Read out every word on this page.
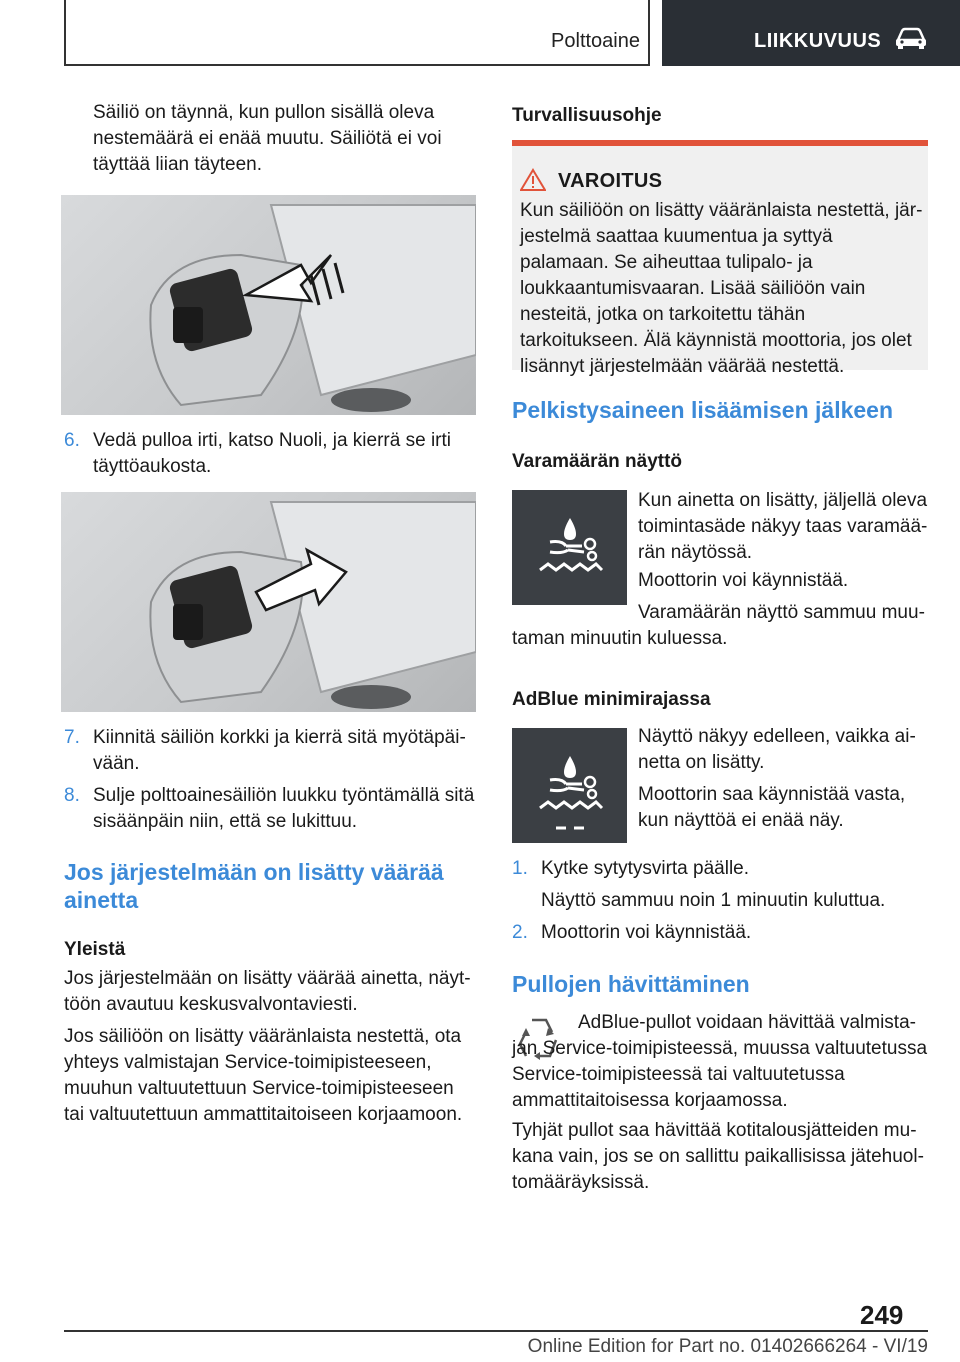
Polttoaine	LIIKKUVUUS

Säiliö on täynnä, kun pullon sisällä oleva nestemäärä ei enää muutu. Säiliötä ei voi täyttää liian täyteen.

6. Vedä pulloa irti, katso Nuoli, ja kierrä se irti täyttöaukosta.
7. Kiinnitä säiliön korkki ja kierrä sitä myötäpäivään.
8. Sulje polttoainesäiliön luukku työntämällä sitä sisäänpäin niin, että se lukittuu.
Jos järjestelmään on lisätty väärää ainetta
Yleistä

Jos järjestelmään on lisätty väärää ainetta, näyttöön avautuu keskusvalvontaviesti.

Jos säiliöön on lisätty vääränlaista nestettä, ota yhteys valmistajan Service-toimipisteeseen, muuhun valtuutettuun Service-toimipisteeseen tai valtuutettuun ammattitaitoiseen korjaamoon.

Turvallisuusohje
VAROITUS

Kun säiliöön on lisätty vääränlaista nestettä, järjestelmä saattaa kuumentua ja syttyä palamaan. Se aiheuttaa tulipalo- ja loukkaantumisvaaran. Lisää säiliöön vain nesteitä, jotka on tarkoitettu tähän tarkoitukseen. Älä käynnistä moottoria, jos olet lisännyt järjestelmään väärää nestettä.

Pelkistysaineen lisäämisen jälkeen
Varamäärän näyttö

Kun ainetta on lisätty, jäljellä oleva toimintasäde näkyy taas varamäärän näytössä.

Moottorin voi käynnistää.

Varamäärän näyttö sammuu muutaman minuutin kuluessa.

AdBlue minimirajassa

Näyttö näkyy edelleen, vaikka ainetta on lisätty.

Moottorin saa käynnistää vasta, kun näyttöä ei enää näy.

1. Kytke sytytysvirta päälle.

Näyttö sammuu noin 1 minuutin kuluttua.

2. Moottorin voi käynnistää.
Pullojen hävittäminen

AdBlue-pullot voidaan hävittää valmistajan Service-toimipisteessä, muussa valtuutetussa Service-toimipisteessä tai valtuutetussa ammattitaitoisessa korjaamossa.

Tyhjät pullot saa hävittää kotitalousjätteiden mukana vain, jos se on sallittu paikallisissa jätehuoltomääräyksissä.

249
Online Edition for Part no. 01402666264 - VI/19
